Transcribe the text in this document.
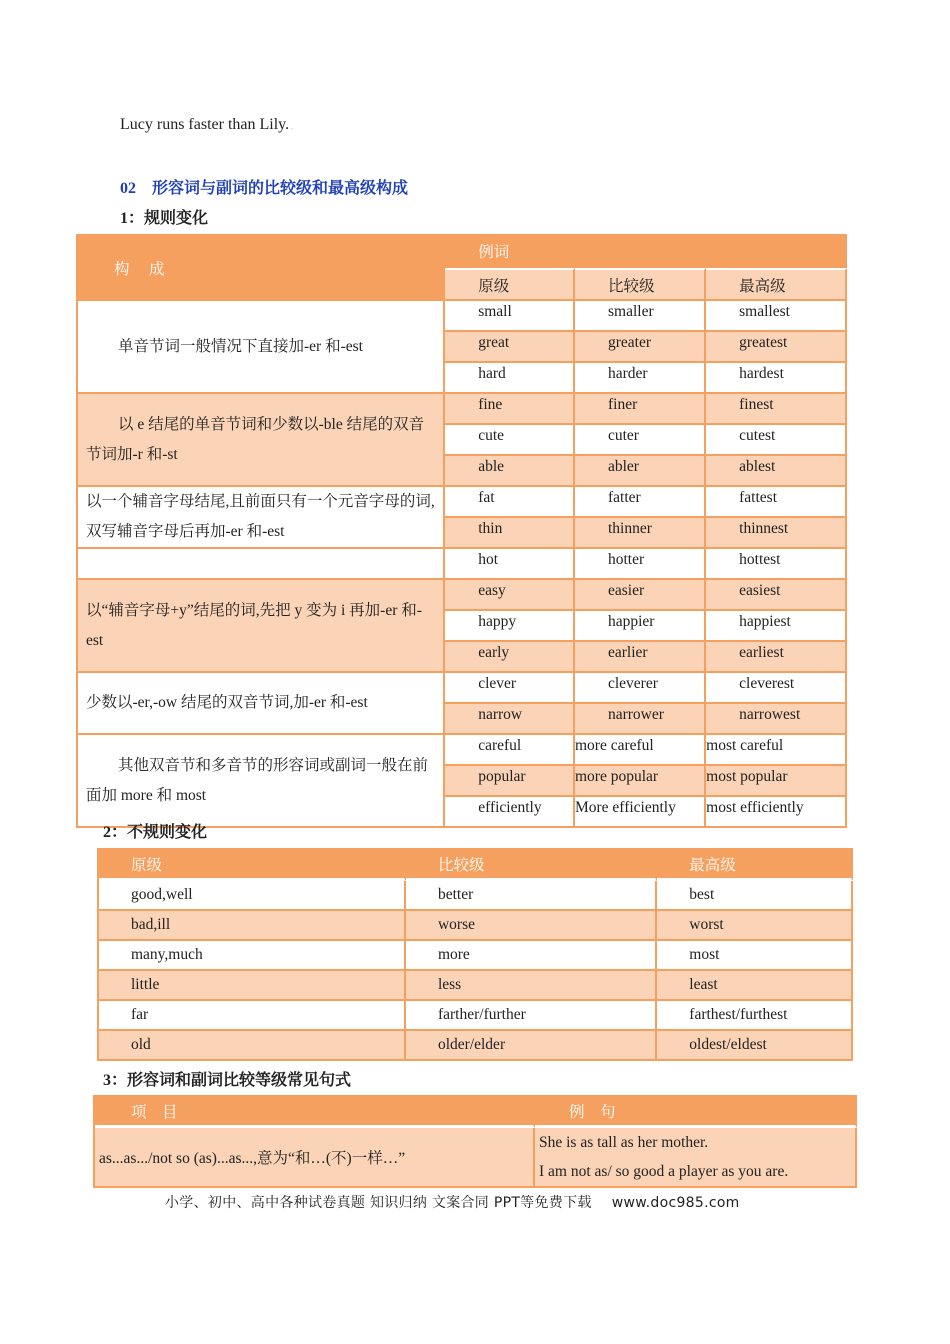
Lucy runs faster than Lily. .
02 形容词与副词的比较级和最高级构成
1：规则变化
构　成	例词		
	原级	比较级	最高级
单音节词一般情况下直接加-er 和-est	small	smaller	smallest
	great	greater	greatest
	hard	harder	hardest
以 e 结尾的单音节词和少数以-ble 结尾的双音节词加-r 和-st	fine	finer	finest
	cute	cuter	cutest
	able	abler	ablest
以一个辅音字母结尾,且前面只有一个元音字母的词,双写辅音字母后再加-er 和-est	fat	fatter	fattest
	thin	thinner	thinnest
	hot	hotter	hottest
以“辅音字母+y”结尾的词,先把 y 变为 i 再加-er 和-est	easy	easier	easiest
	happy	happier	happiest
	early	earlier	earliest
少数以-er,-ow 结尾的双音节词,加-er 和-est	clever	cleverer	cleverest
	narrow	narrower	narrowest
其他双音节和多音节的形容词或副词一般在前面加 more 和 most	careful	more careful	most careful
	popular	more popular	most popular
	efficiently	More efficiently	most efficiently
2：不规则变化
原级	比较级	最高级
good,well	better	best
bad,ill	worse	worst
many,much	more	most
little	less	least
far	farther/further	farthest/furthest
old	older/elder	oldest/eldest
3：形容词和副词比较等级常见句式
项　目	例　句
as...as.../not so (as)...as...,意为“和…(不)一样…”	She is as tall as her mother.
I am not as/ so good a player as you are.
小学、初中、高中各种试卷真题 知识归纳 文案合同 PPT等免费下载 www.doc985.com
